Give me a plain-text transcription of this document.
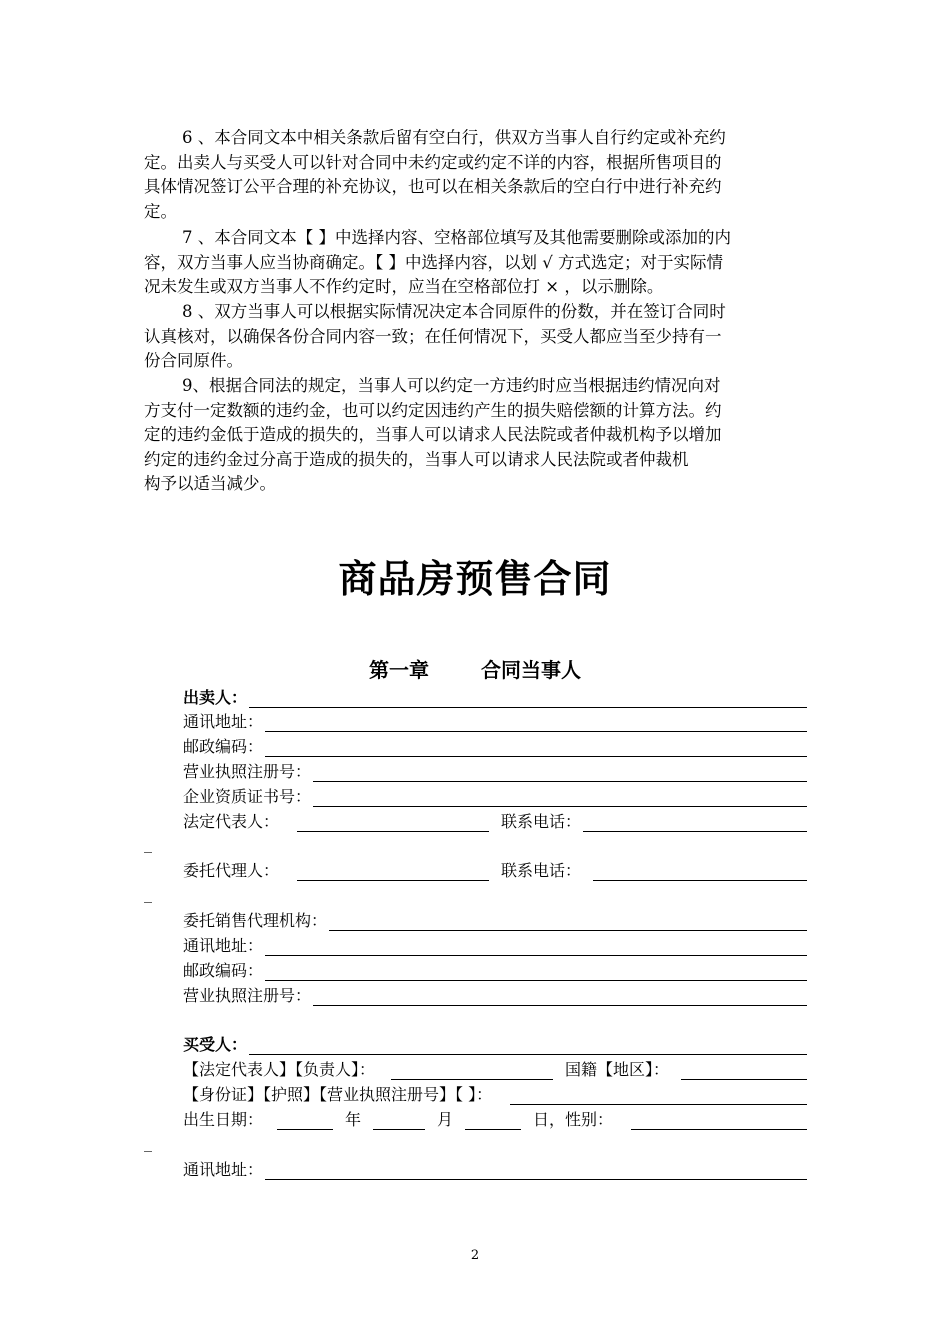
6 、本合同文本中相关条款后留有空白行，供双方当事人自行约定或补充约
定。出卖人与买受人可以针对合同中未约定或约定不详的内容，根据所售项目的
具体情况签订公平合理的补充协议，也可以在相关条款后的空白行中进行补充约
定。
7 、本合同文本【 】中选择内容、空格部位填写及其他需要删除或添加的内
容，双方当事人应当协商确定。【 】中选择内容，以划 √ 方式选定；对于实际情
况未发生或双方当事人不作约定时，应当在空格部位打 × ，以示删除。
8 、双方当事人可以根据实际情况决定本合同原件的份数，并在签订合同时
认真核对，以确保各份合同内容一致；在任何情况下，买受人都应当至少持有一
份合同原件。
9、根据合同法的规定，当事人可以约定一方违约时应当根据违约情况向对
方支付一定数额的违约金，也可以约定因违约产生的损失赔偿额的计算方法。约
定的违约金低于造成的损失的，当事人可以请求人民法院或者仲裁机构予以增加
约定的违约金过分高于造成的损失的，当事人可以请求人民法院或者仲裁机
构予以适当减少。
商品房预售合同
第一章	合同当事人
出卖人：
通讯地址：
邮政编码：
营业执照注册号：
企业资质证书号：
法定代表人：	联系电话：
委托代理人：	联系电话：
委托销售代理机构：
通讯地址：
邮政编码：
营业执照注册号：
买受人：
【法定代表人】【负责人】：	国籍【地区】：
【身份证】【护照】【营业执照注册号】【 】：
出生日期：	年	月	日，性别：
通讯地址：
2
